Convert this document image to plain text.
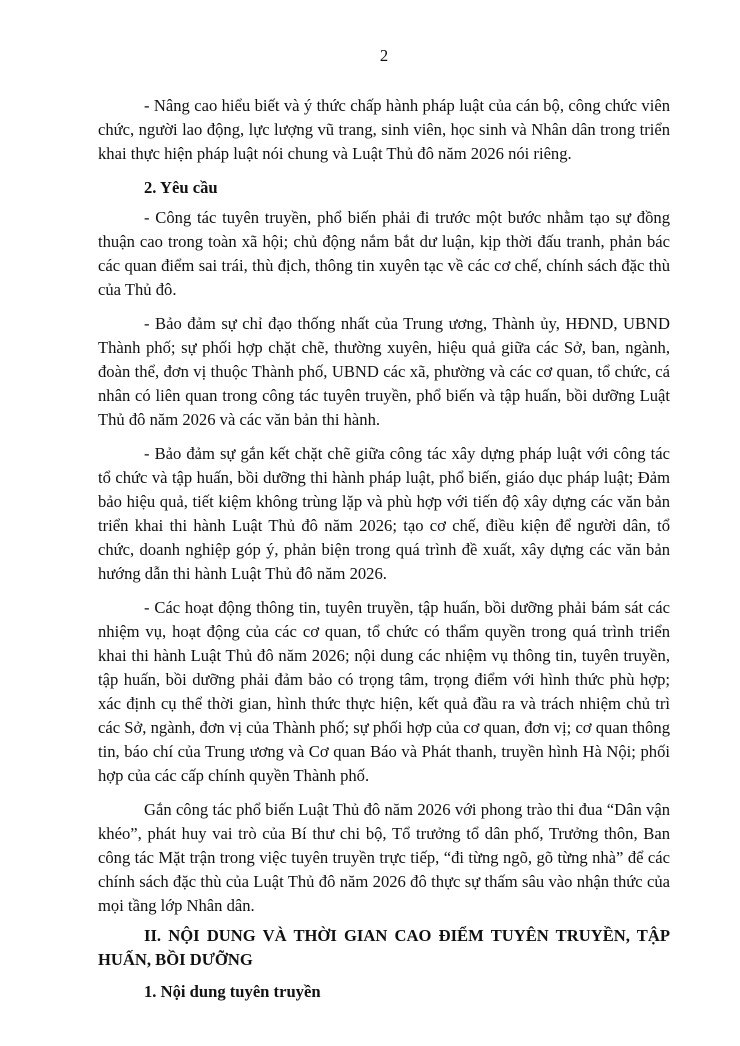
2

- Nâng cao hiểu biết và ý thức chấp hành pháp luật của cán bộ, công chức viên chức, người lao động, lực lượng vũ trang, sinh viên, học sinh và Nhân dân trong triển khai thực hiện pháp luật nói chung và Luật Thủ đô năm 2026 nói riêng.

2. Yêu cầu

- Công tác tuyên truyền, phổ biến phải đi trước một bước nhằm tạo sự đồng thuận cao trong toàn xã hội; chủ động nắm bắt dư luận, kịp thời đấu tranh, phản bác các quan điểm sai trái, thù địch, thông tin xuyên tạc về các cơ chế, chính sách đặc thù của Thủ đô.

- Bảo đảm sự chỉ đạo thống nhất của Trung ương, Thành ủy, HĐND, UBND Thành phố; sự phối hợp chặt chẽ, thường xuyên, hiệu quả giữa các Sở, ban, ngành, đoàn thể, đơn vị thuộc Thành phố, UBND các xã, phường và các cơ quan, tổ chức, cá nhân có liên quan trong công tác tuyên truyền, phổ biến và tập huấn, bồi dưỡng Luật Thủ đô năm 2026 và các văn bản thi hành.

- Bảo đảm sự gắn kết chặt chẽ giữa công tác xây dựng pháp luật với công tác tổ chức và tập huấn, bồi dưỡng thi hành pháp luật, phổ biến, giáo dục pháp luật; Đảm bảo hiệu quả, tiết kiệm không trùng lặp và phù hợp với tiến độ xây dựng các văn bản triển khai thi hành Luật Thủ đô năm 2026; tạo cơ chế, điều kiện để người dân, tổ chức, doanh nghiệp góp ý, phản biện trong quá trình đề xuất, xây dựng các văn bản hướng dẫn thi hành Luật Thủ đô năm 2026.

- Các hoạt động thông tin, tuyên truyền, tập huấn, bồi dưỡng phải bám sát các nhiệm vụ, hoạt động của các cơ quan, tổ chức có thẩm quyền trong quá trình triển khai thi hành Luật Thủ đô năm 2026; nội dung các nhiệm vụ thông tin, tuyên truyền, tập huấn, bồi dưỡng phải đảm bảo có trọng tâm, trọng điểm với hình thức phù hợp; xác định cụ thể thời gian, hình thức thực hiện, kết quả đầu ra và trách nhiệm chủ trì các Sở, ngành, đơn vị của Thành phố; sự phối hợp của cơ quan, đơn vị; cơ quan thông tin, báo chí của Trung ương và Cơ quan Báo và Phát thanh, truyền hình Hà Nội; phối hợp của các cấp chính quyền Thành phố.

Gắn công tác phổ biến Luật Thủ đô năm 2026 với phong trào thi đua “Dân vận khéo”, phát huy vai trò của Bí thư chi bộ, Tổ trưởng tổ dân phố, Trưởng thôn, Ban công tác Mặt trận trong việc tuyên truyền trực tiếp, “đi từng ngõ, gõ từng nhà” để các chính sách đặc thù của Luật Thủ đô năm 2026 đô thực sự thấm sâu vào nhận thức của mọi tầng lớp Nhân dân.

II. NỘI DUNG VÀ THỜI GIAN CAO ĐIỂM TUYÊN TRUYỀN, TẬP HUẤN, BỒI DƯỠNG
1. Nội dung tuyên truyền
